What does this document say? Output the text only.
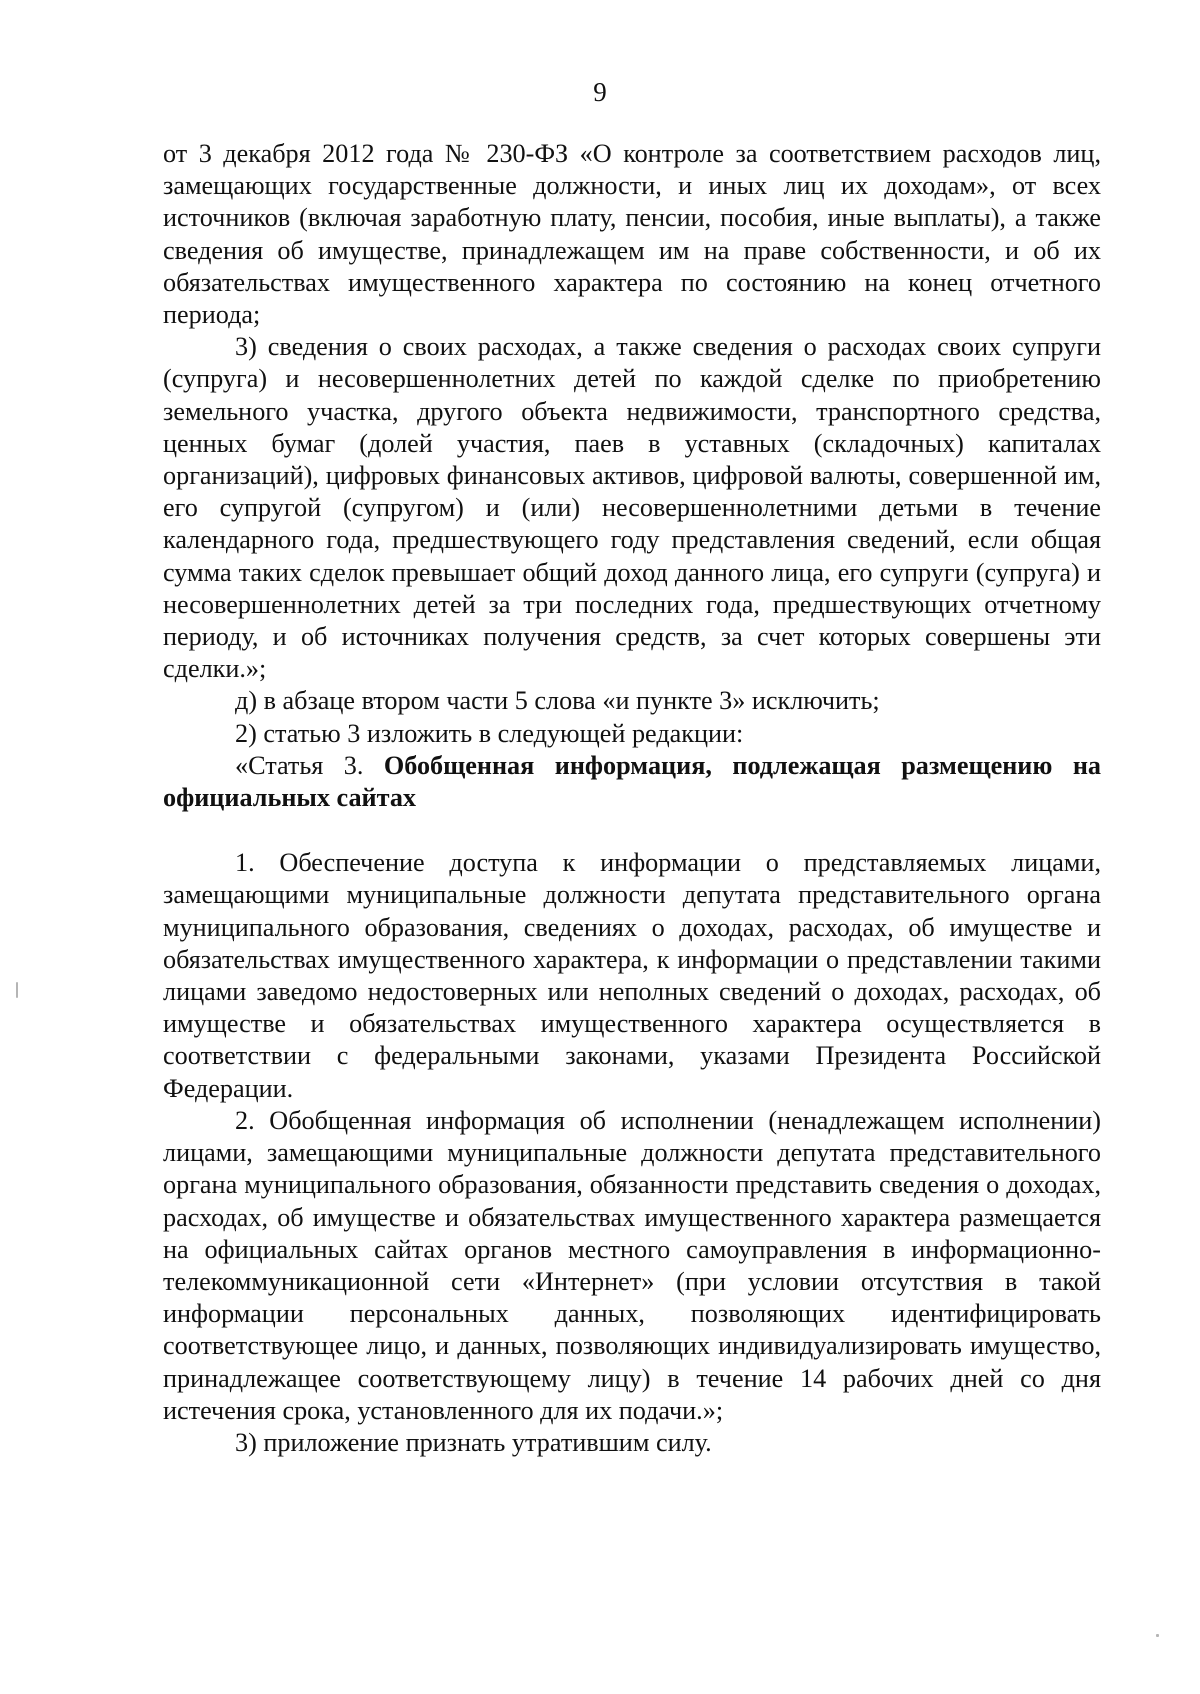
9

от 3 декабря 2012 года № 230-ФЗ «О контроле за соответствием расходов лиц, замещающих государственные должности, и иных лиц их доходам», от всех источников (включая заработную плату, пенсии, пособия, иные выплаты), а также сведения об имуществе, принадлежащем им на праве собственности, и об их обязательствах имущественного характера по состоянию на конец отчетного периода;

3) сведения о своих расходах, а также сведения о расходах своих супруги (супруга) и несовершеннолетних детей по каждой сделке по приобретению земельного участка, другого объекта недвижимости, транспортного средства, ценных бумаг (долей участия, паев в уставных (складочных) капиталах организаций), цифровых финансовых активов, цифровой валюты, совершенной им, его супругой (супругом) и (или) несовершеннолетними детьми в течение календарного года, предшествующего году представления сведений, если общая сумма таких сделок превышает общий доход данного лица, его супруги (супруга) и несовершеннолетних детей за три последних года, предшествующих отчетному периоду, и об источниках получения средств, за счет которых совершены эти сделки.»;

д) в абзаце втором части 5 слова «и пункте 3» исключить;

2) статью 3 изложить в следующей редакции:

«Статья 3. Обобщенная информация, подлежащая размещению на официальных сайтах

1. Обеспечение доступа к информации о представляемых лицами, замещающими муниципальные должности депутата представительного органа муниципального образования, сведениях о доходах, расходах, об имуществе и обязательствах имущественного характера, к информации о представлении такими лицами заведомо недостоверных или неполных сведений о доходах, расходах, об имуществе и обязательствах имущественного характера осуществляется в соответствии с федеральными законами, указами Президента Российской Федерации.

2. Обобщенная информация об исполнении (ненадлежащем исполнении) лицами, замещающими муниципальные должности депутата представительного органа муниципального образования, обязанности представить сведения о доходах, расходах, об имуществе и обязательствах имущественного характера размещается на официальных сайтах органов местного самоуправления в информационно-телекоммуникационной сети «Интернет» (при условии отсутствия в такой информации персональных данных, позволяющих идентифицировать соответствующее лицо, и данных, позволяющих индивидуализировать имущество, принадлежащее соответствующему лицу) в течение 14 рабочих дней со дня истечения срока, установленного для их подачи.»;

3) приложение признать утратившим силу.
